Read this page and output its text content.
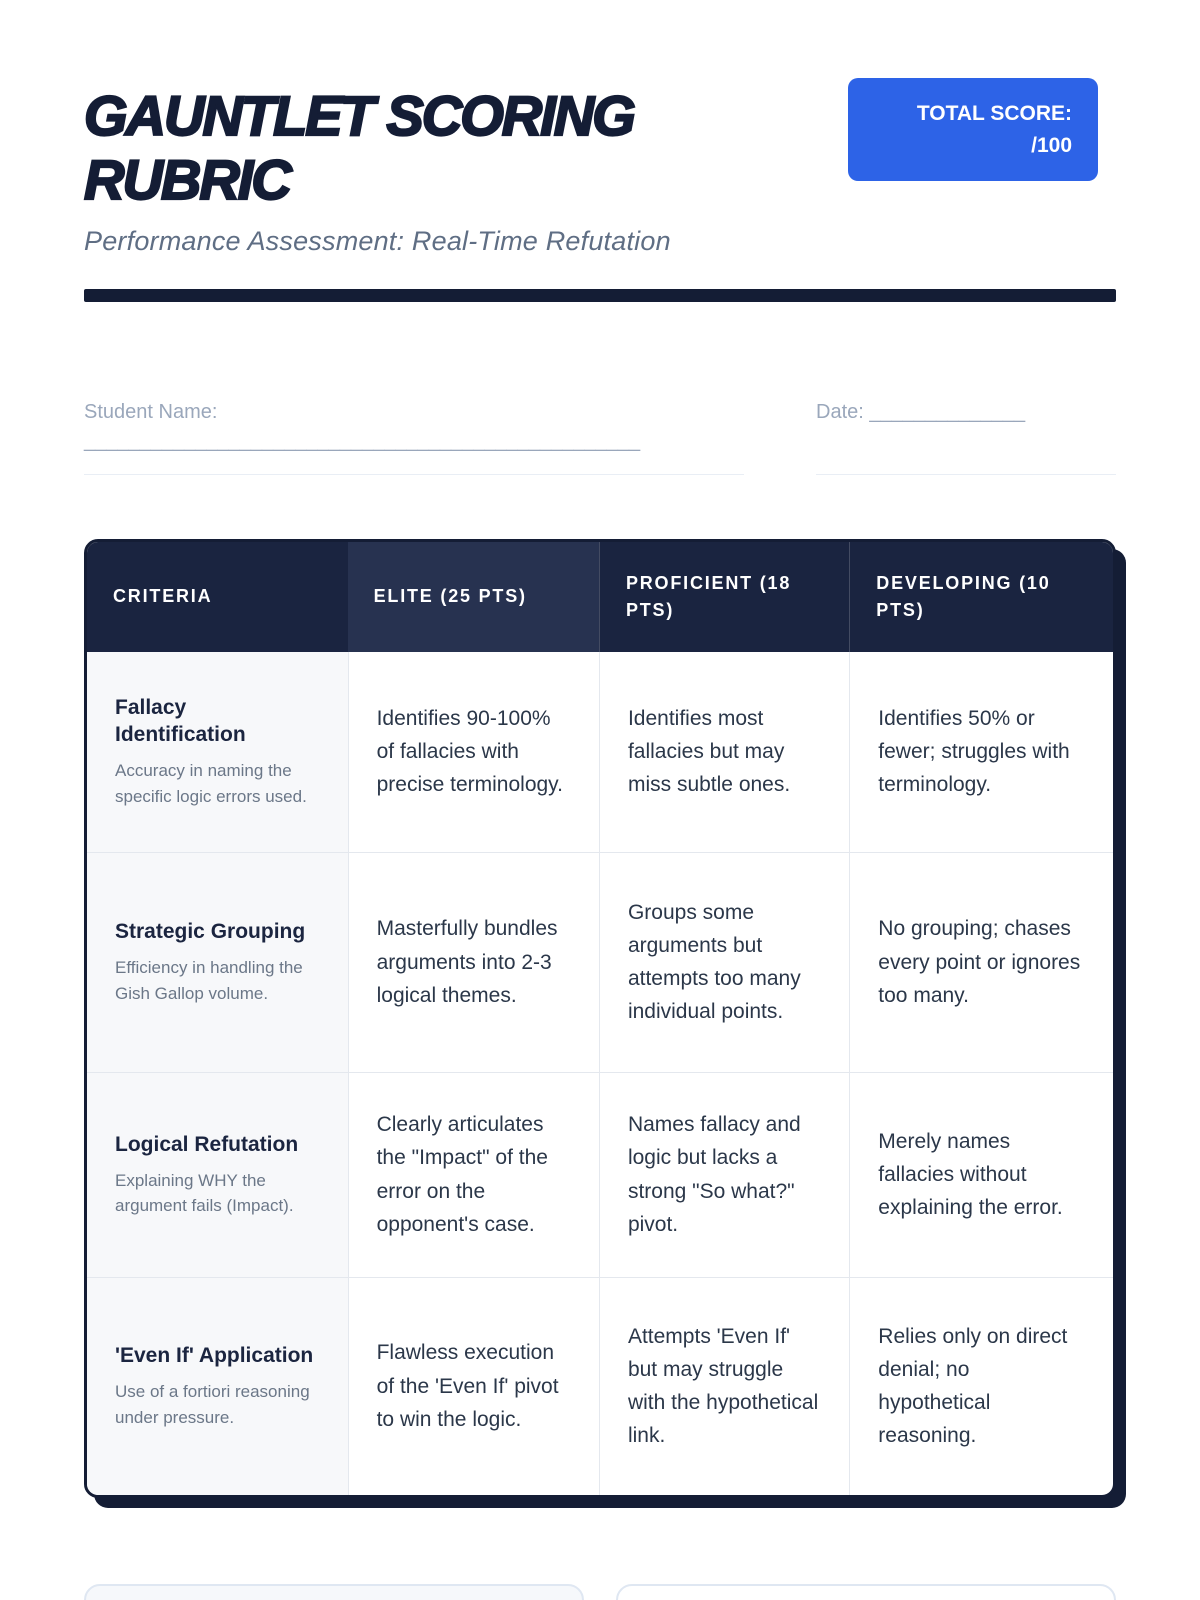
GAUNTLET SCORING RUBRIC
TOTAL SCORE:
/100
Performance Assessment: Real-Time Refutation

Student Name: __________________________________________________

Date: ______________

CRITERIA	ELITE (25 PTS)
PROFICIENT (18 PTS)
DEVELOPING (10 PTS)
Fallacy Identification
Accuracy in naming the specific logic errors used.
Identifies 90-100% of fallacies with precise terminology.
Identifies most fallacies but may miss subtle ones.
Identifies 50% or fewer; struggles with terminology.
Strategic Grouping
Efficiency in handling the Gish Gallop volume.
Masterfully bundles arguments into 2-3 logical themes.
Groups some arguments but attempts too many individual points.
No grouping; chases every point or ignores too many.
Logical Refutation
Explaining WHY the argument fails (Impact).
Clearly articulates the "Impact" of the error on the opponent's case.
Names fallacy and logic but lacks a strong "So what?" pivot.
Merely names fallacies without explaining the error.
'Even If' Application
Use of a fortiori reasoning under pressure.
Flawless execution of the 'Even If' pivot to win the logic.
Attempts 'Even If' but may struggle with the hypothetical link.
Relies only on direct denial; no hypothetical reasoning.
